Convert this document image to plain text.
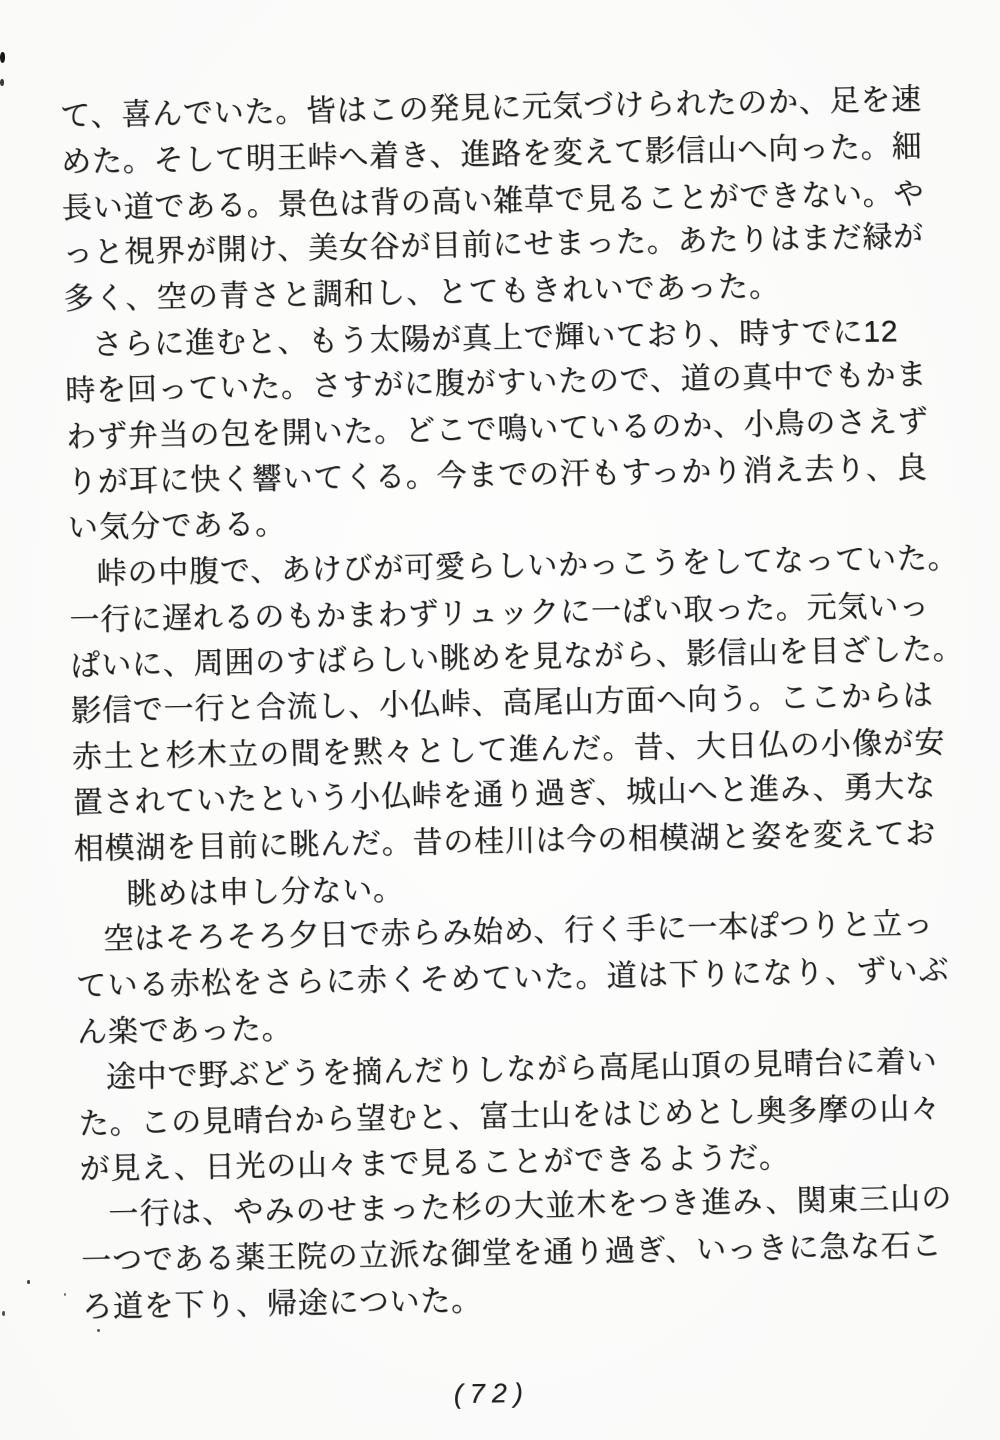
て、喜んでいた。皆はこの発見に元気づけられたのか、足を速
めた。そして明王峠へ着き、進路を変えて影信山へ向った。細
長い道である。景色は背の高い雑草で見ることができない。や
っと視界が開け、美女谷が目前にせまった。あたりはまだ緑が
多く、空の青さと調和し、とてもきれいであった。
さらに進むと、もう太陽が真上で輝いており、時すでに12
時を回っていた。さすがに腹がすいたので、道の真中でもかま
わず弁当の包を開いた。どこで鳴いているのか、小鳥のさえず
りが耳に快く響いてくる。今までの汗もすっかり消え去り、良
い気分である。
峠の中腹で、あけびが可愛らしいかっこうをしてなっていた。
一行に遅れるのもかまわずリュックに一ぱい取った。元気いっ
ぱいに、周囲のすばらしい眺めを見ながら、影信山を目ざした。
影信で一行と合流し、小仏峠、高尾山方面へ向う。ここからは
赤土と杉木立の間を黙々として進んだ。昔、大日仏の小像が安
置されていたという小仏峠を通り過ぎ、城山へと進み、勇大な
相模湖を目前に眺んだ。昔の桂川は今の相模湖と姿を変えてお
眺めは申し分ない。
空はそろそろ夕日で赤らみ始め、行く手に一本ぽつりと立っ
ている赤松をさらに赤くそめていた。道は下りになり、ずいぶ
ん楽であった。
途中で野ぶどうを摘んだりしながら高尾山頂の見晴台に着い
た。この見晴台から望むと、富士山をはじめとし奥多摩の山々
が見え、日光の山々まで見ることができるようだ。
一行は、やみのせまった杉の大並木をつき進み、関東三山の
一つである薬王院の立派な御堂を通り過ぎ、いっきに急な石こ
ろ道を下り、帰途についた。
(72)
